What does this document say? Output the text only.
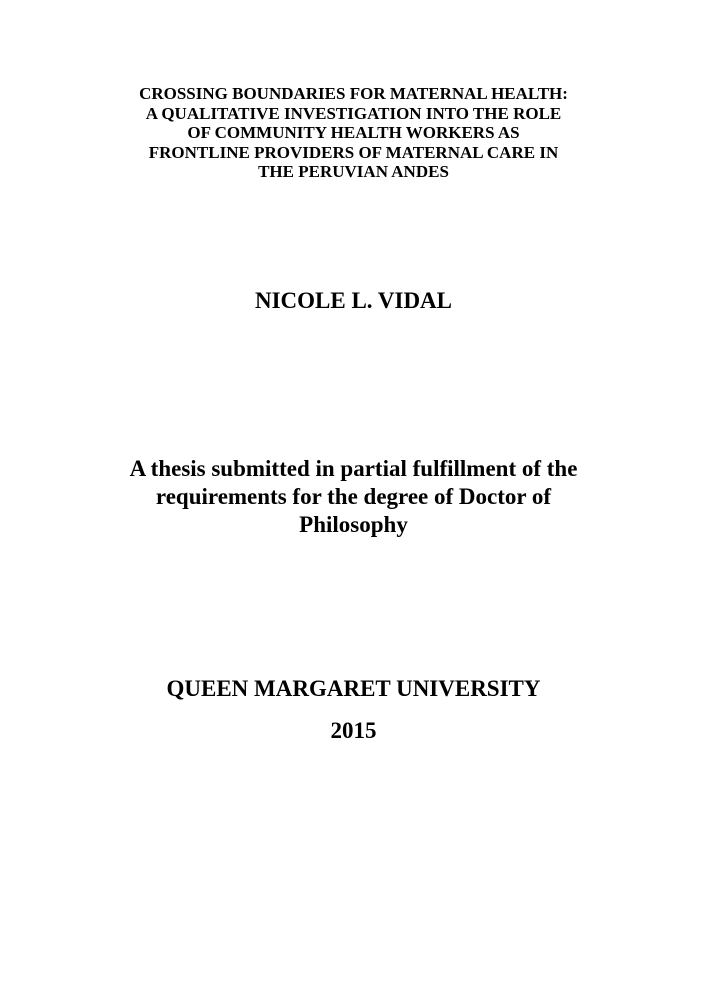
CROSSING BOUNDARIES FOR MATERNAL HEALTH:
A QUALITATIVE INVESTIGATION INTO THE ROLE
OF COMMUNITY HEALTH WORKERS AS
FRONTLINE PROVIDERS OF MATERNAL CARE IN
THE PERUVIAN ANDES

NICOLE L. VIDAL

A thesis submitted in partial fulfillment of the
requirements for the degree of Doctor of
Philosophy

QUEEN MARGARET UNIVERSITY

2015
